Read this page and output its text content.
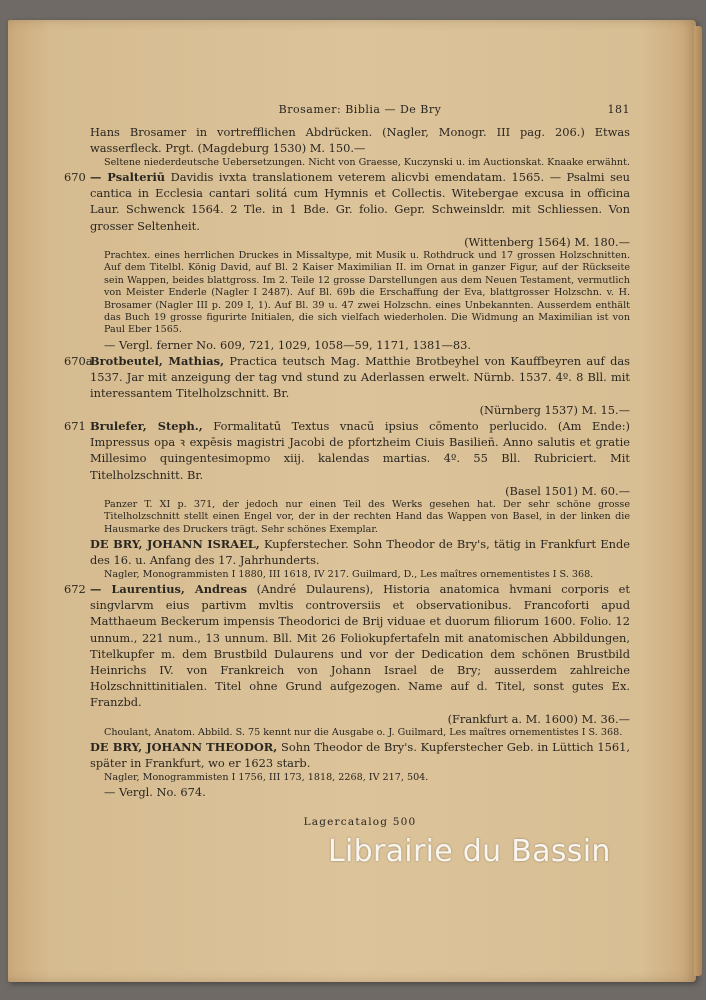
Brosamer: Biblia — De Bry	181

Hans Brosamer in vortrefflichen Abdrücken. (Nagler, Monogr. III pag. 206.) Etwas wasserfleck. Prgt. (Magdeburg 1530) M. 150.—

Seltene niederdeutsche Uebersetzungen. Nicht von Graesse, Kuczynski u. im Auctionskat. Knaake erwähnt.

670 — Psalteriū Davidis ivxta translationem veterem alicvbi emendatam. 1565. — Psalmi seu cantica in Ecclesia cantari solitá cum Hymnis et Collectis. Witebergae excusa in officina Laur. Schwenck 1564. 2 Tle. in 1 Bde. Gr. folio. Gepr. Schweinsldr. mit Schliessen. Von grosser Seltenheit.

(Wittenberg 1564) M. 180.—

Prachtex. eines herrlichen Druckes in Missaltype, mit Musik u. Rothdruck und 17 grossen Holzschnitten. Auf dem Titelbl. König David, auf Bl. 2 Kaiser Maximilian II. im Ornat in ganzer Figur, auf der Rückseite sein Wappen, beides blattgross. Im 2. Teile 12 grosse Darstellungen aus dem Neuen Testament, vermutlich von Meister Enderle (Nagler I 2487). Auf Bl. 69b die Erschaffung der Eva, blattgrosser Holzschn. v. H. Brosamer (Nagler III p. 209 I, 1). Auf Bl. 39 u. 47 zwei Holzschn. eines Unbekannten. Ausserdem enthält das Buch 19 grosse figurirte Initialen, die sich vielfach wiederholen. Die Widmung an Maximilian ist von Paul Eber 1565.

— Vergl. ferner No. 609, 721, 1029, 1058—59, 1171, 1381—83.

670a

Brotbeutel, Mathias, Practica teutsch Mag. Matthie Brotbeyhel von Kauffbeyren auf das 1537. Jar mit anzeigung der tag vnd stund zu Aderlassen erwelt. Nürnb. 1537. 4º. 8 Bll. mit interessantem Titelholzschnitt. Br.

(Nürnberg 1537) M. 15.—

671 Brulefer, Steph., Formalitatū Textus vnacū ipsius cōmento perlucido. (Am Ende:) Impressus opa ꝛ expēsis magistri Jacobi de pfortzheim Ciuis Basilieñ. Anno salutis et gratie Millesimo quingentesimopmo xiij. kalendas martias. 4º. 55 Bll. Rubriciert. Mit Titelholzschnitt. Br.

(Basel 1501) M. 60.—

Panzer T. XI p. 371, der jedoch nur einen Teil des Werks gesehen hat. Der sehr schöne grosse Titelholzschnitt stellt einen Engel vor, der in der rechten Hand das Wappen von Basel, in der linken die Hausmarke des Druckers trägt. Sehr schönes Exemplar.

DE BRY, JOHANN ISRAEL, Kupferstecher. Sohn Theodor de Bry's, tätig in Frankfurt Ende des 16. u. Anfang des 17. Jahrhunderts.

Nagler, Monogrammisten I 1880, III 1618, IV 217. Guilmard, D., Les maîtres ornementistes I S. 368.

672 — Laurentius, Andreas (André Dulaurens), Historia anatomica hvmani corporis et singvlarvm eius partivm mvltis controversiis et observationibus. Francoforti apud Matthaeum Beckerum impensis Theodorici de Brij viduae et duorum filiorum 1600. Folio. 12 unnum., 221 num., 13 unnum. Bll. Mit 26 Foliokupfertafeln mit anatomischen Abbildungen, Titelkupfer m. dem Brustbild Dulaurens und vor der Dedication dem schönen Brustbild Heinrichs IV. von Frankreich von Johann Israel de Bry; ausserdem zahlreiche Holzschnittinitialen. Titel ohne Grund aufgezogen. Name auf d. Titel, sonst gutes Ex. Franzbd.

(Frankfurt a. M. 1600) M. 36.—

Choulant, Anatom. Abbild. S. 75 kennt nur die Ausgabe o. J. Guilmard, Les maîtres ornementistes I S. 368.

DE BRY, JOHANN THEODOR, Sohn Theodor de Bry's. Kupferstecher Geb. in Lüttich 1561, später in Frankfurt, wo er 1623 starb.

Nagler, Monogrammisten I 1756, III 173, 1818, 2268, IV 217, 504.

— Vergl. No. 674.

Lagercatalog 500
Librairie du Bassin
